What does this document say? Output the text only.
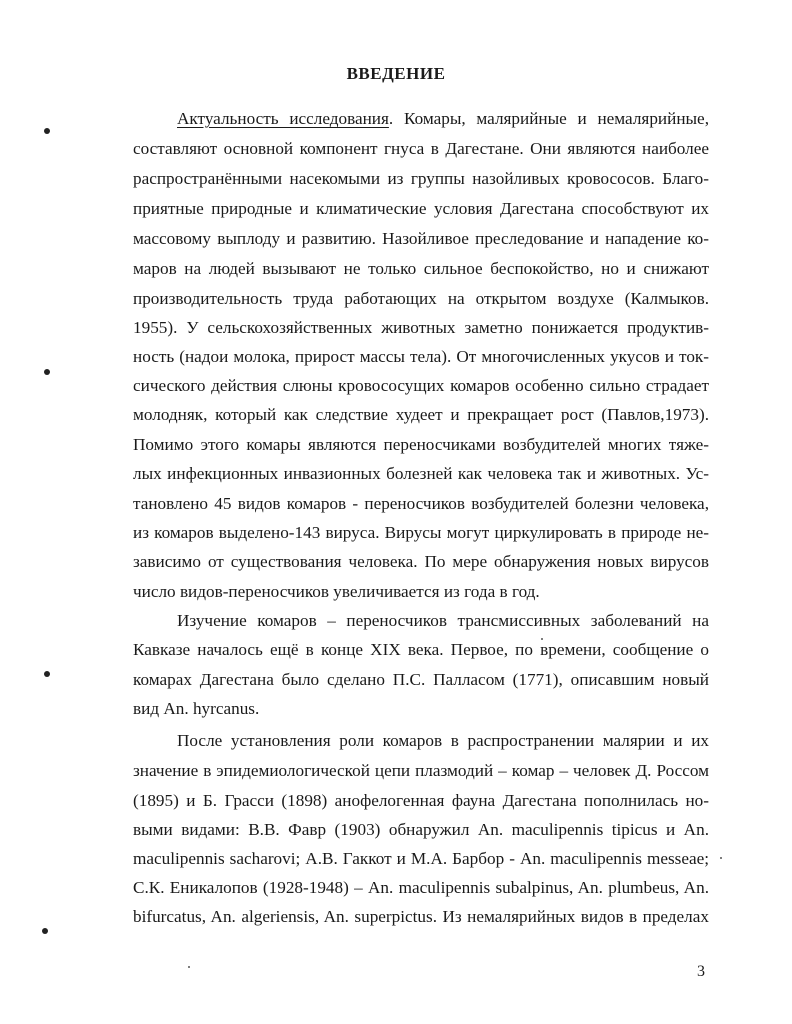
ВВЕДЕНИЕ
Актуальность исследования. Комары, малярийные и немалярийные,
составляют основной компонент гнуса в Дагестане. Они являются наиболее
распространёнными насекомыми из группы назойливых кровососов. Благо-
приятные природные и климатические условия Дагестана способствуют их
массовому выплоду и развитию. Назойливое преследование и нападение ко-
маров на людей вызывают не только сильное беспокойство, но и снижают
производительность труда работающих на открытом воздухе (Калмыков.
1955). У сельскохозяйственных животных заметно понижается продуктив-
ность (надои молока, прирост массы тела). От многочисленных укусов и ток-
сического действия слюны кровососущих комаров особенно сильно страдает
молодняк, который как следствие худеет и прекращает рост (Павлов,1973).
Помимо этого комары являются переносчиками возбудителей многих тяже-
лых инфекционных инвазионных болезней как человека так и животных. Ус-
тановлено 45 видов комаров - переносчиков возбудителей болезни человека,
из комаров выделено-143 вируса. Вирусы могут циркулировать в природе не-
зависимо от существования человека. По мере обнаружения новых вирусов
число видов-переносчиков увеличивается из года в год.
Изучение комаров – переносчиков трансмиссивных заболеваний на
Кавказе началось ещё в конце XIX века. Первое, по времени, сообщение о
комарах Дагестана было сделано П.С. Палласом (1771), описавшим новый
вид An. hyrcanus.
После установления роли комаров в распространении малярии и их
значение в эпидемиологической цепи плазмодий – комар – человек Д. Россом
(1895) и Б. Грасси (1898) анофелогенная фауна Дагестана пополнилась но-
выми видами: В.В. Фавр (1903) обнаружил An. maculipennis tipicus и An.
maculipennis sacharovi; А.В. Гаккот и М.А. Барбор - An. maculipennis messeae;
С.К. Еникалопов (1928-1948) – An. maculipennis subalpinus, An. plumbeus, An.
bifurcatus, An. algeriensis, An. superpictus. Из немалярийных видов в пределах
3
